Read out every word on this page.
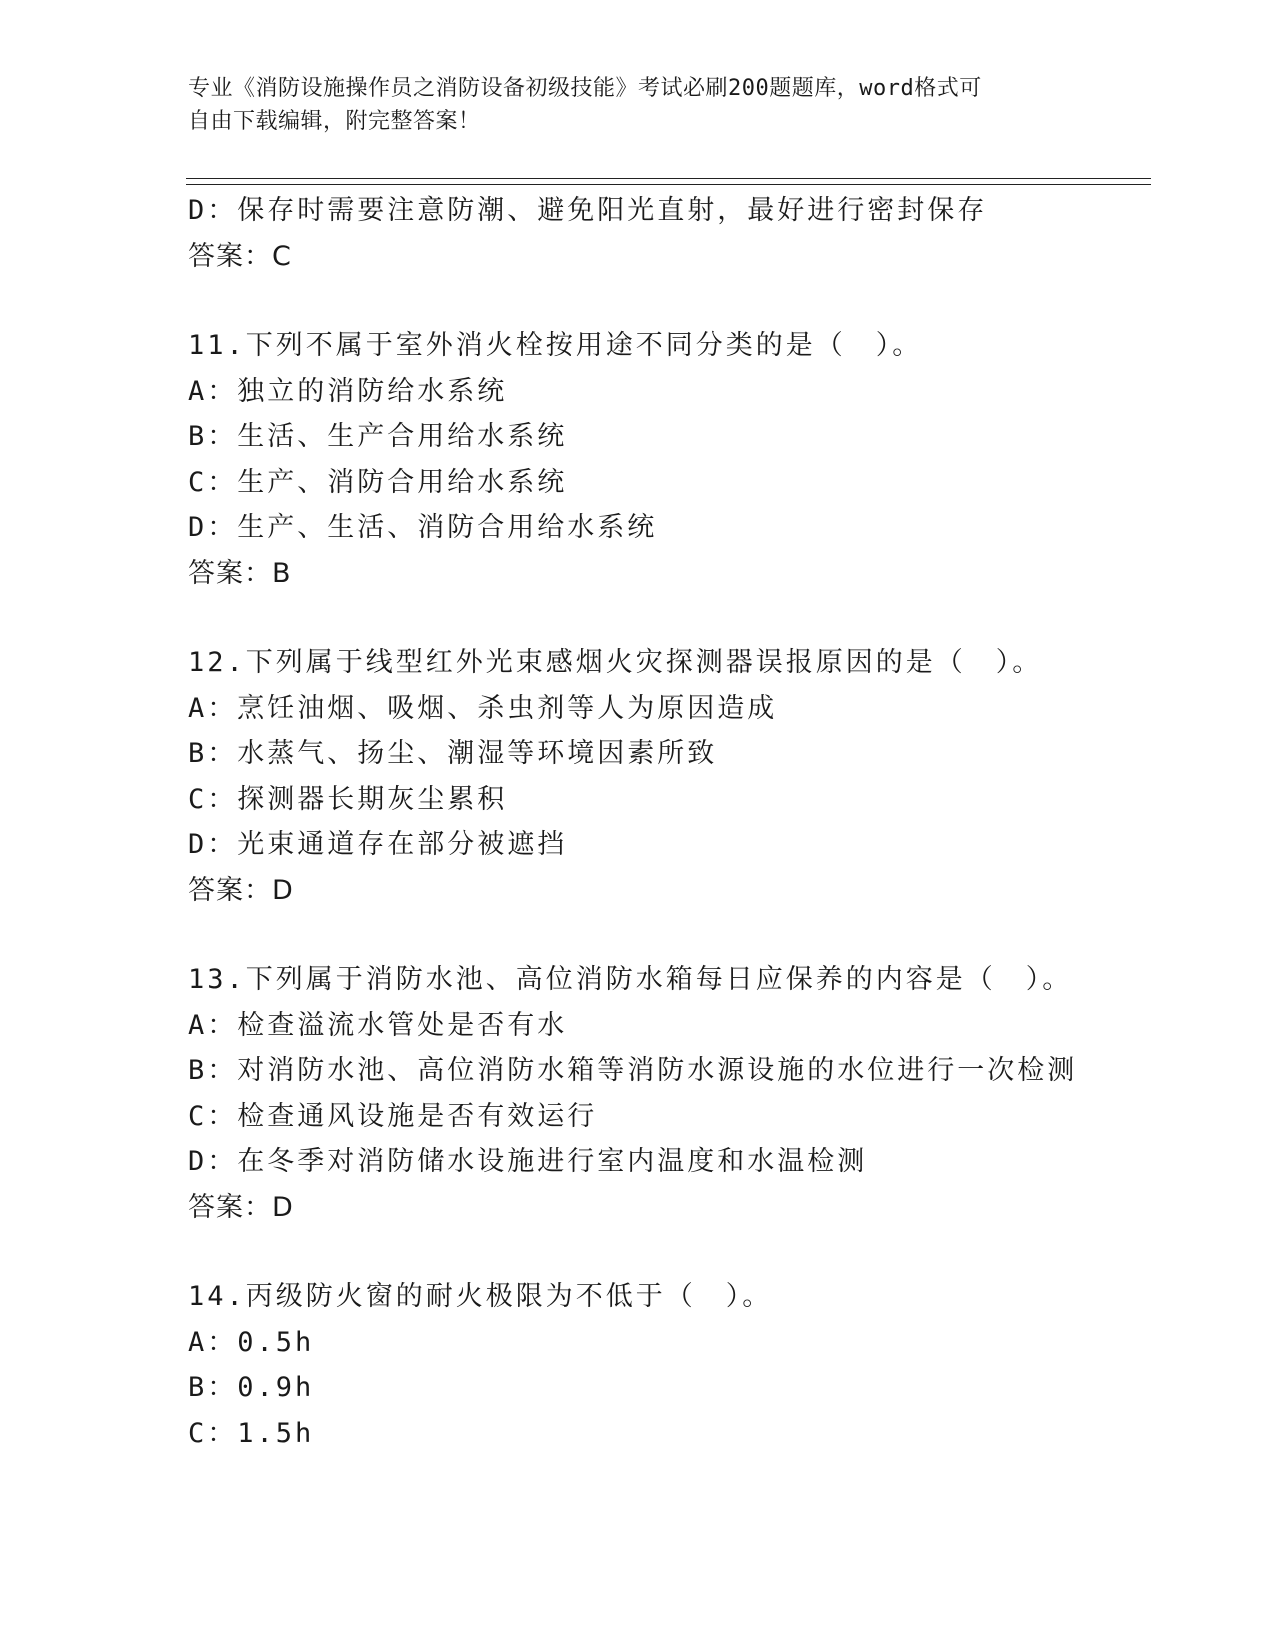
专业《消防设施操作员之消防设备初级技能》考试必刷200题题库，word格式可
自由下载编辑，附完整答案！
D：保存时需要注意防潮、避免阳光直射，最好进行密封保存
答案：C
11.下列不属于室外消火栓按用途不同分类的是（　）。
A：独立的消防给水系统
B：生活、生产合用给水系统
C：生产、消防合用给水系统
D：生产、生活、消防合用给水系统
答案：B
12.下列属于线型红外光束感烟火灾探测器误报原因的是（　）。
A：烹饪油烟、吸烟、杀虫剂等人为原因造成
B：水蒸气、扬尘、潮湿等环境因素所致
C：探测器长期灰尘累积
D：光束通道存在部分被遮挡
答案：D
13.下列属于消防水池、高位消防水箱每日应保养的内容是（　）。
A：检查溢流水管处是否有水
B：对消防水池、高位消防水箱等消防水源设施的水位进行一次检测
C：检查通风设施是否有效运行
D：在冬季对消防储水设施进行室内温度和水温检测
答案：D
14.丙级防火窗的耐火极限为不低于（　）。
A：0.5h
B：0.9h
C：1.5h
